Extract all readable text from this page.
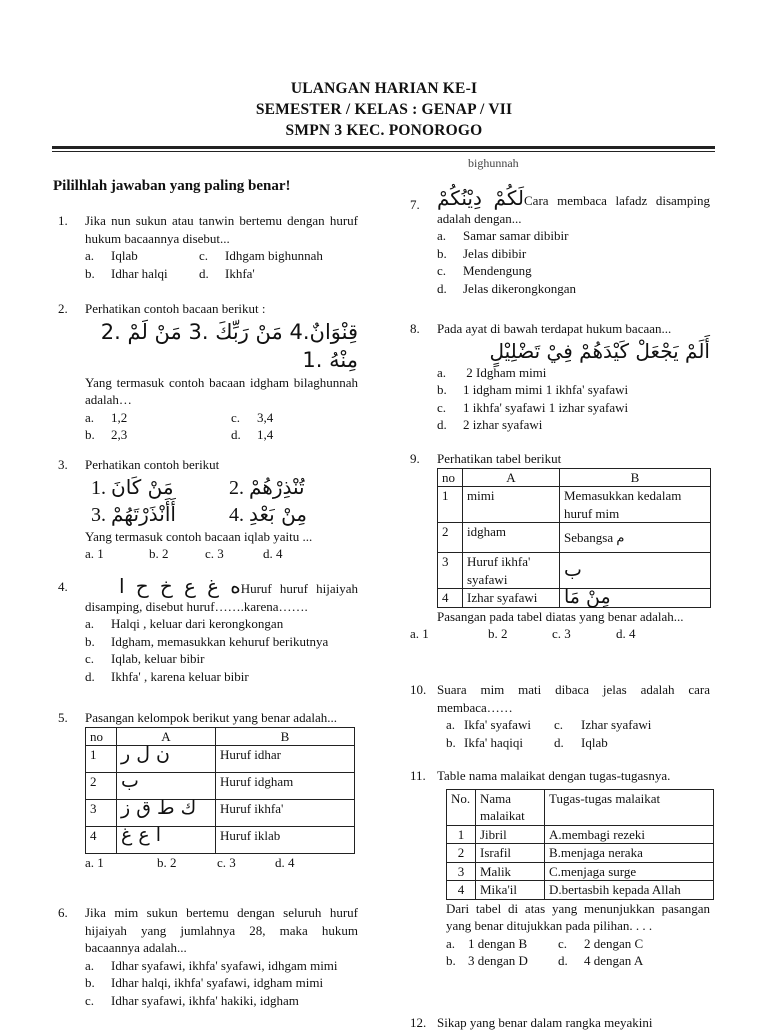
ULANGAN HARIAN KE-I
SEMESTER / KELAS : GENAP / VII
SMPN 3 KEC. PONOROGO
bighunnah
Pililhlah jawaban yang paling benar!
1. Jika nun sukun atau tanwin bertemu dengan huruf hukum bacaannya disebut...
a.	Iqlab	c.	Idhgam bighunnah
b.	Idhar halqi	d.	Ikhfa'
2. Perhatikan contoh bacaan berikut :
قِنْوَانٌ.4 مَنْ رَبِّكَ .3 مَنْ لَمْ .2
مِنْهُ .1
Yang termasuk contoh bacaan idgham bilaghunnah adalah…
a.	1,2	c.	3,4
b.	2,3	d.	1,4
3. Perhatikan contoh berikut
1. مَنْ كَانَ	2. تُنْذِرْهُمْ
3. أَأَنْذَرْتَهُمْ	4. مِنْ بَعْدِ
Yang termasuk contoh bacaan iqlab yaitu ...
a. 1	b. 2	c. 3	d. 4
4.	ه غ ع خ ح اHuruf huruf hijaiyah disamping, disebut huruf…….karena…….
a.	Halqi , keluar dari kerongkongan
b.	Idgham, memasukkan kehuruf berikutnya
c.	Iqlab, keluar bibir
d.	Ikhfa' , karena keluar bibir
5. Pasangan kelompok berikut yang benar adalah...
no	A	B
1	ن ل ر	Huruf idhar
2	ب	Huruf idgham
3	ك ط ق ز	Huruf ikhfa'
4	ا ع غ	Huruf iklab
a. 1	b. 2	c. 3	d. 4
6. Jika mim sukun bertemu dengan seluruh huruf hijaiyah yang jumlahnya 28, maka hukum bacaannya adalah...
a.	Idhar syafawi, ikhfa' syafawi, idhgam mimi
b.	Idhar halqi, ikhfa' syafawi, idgham mimi
c.	Idhar syafawi, ikhfa' hakiki, idgham
7. لَكُمْ دِيْنُكُمْCara membaca lafadz disamping adalah dengan...
a.	Samar samar dibibir
b.	Jelas dibibir
c.	Mendengung
d.	Jelas dikerongkongan
8. Pada ayat di bawah terdapat hukum bacaan...
أَلَمْ يَجْعَلْ كَيْدَهُمْ فِيْ تَضْلِيْلٍ
a.	2 Idgham mimi
b.	1 idgham mimi 1 ikhfa' syafawi
c.	1 ikhfa' syafawi 1 izhar syafawi
d.	2 izhar syafawi
9. Perhatikan tabel berikut
no	A	B
1	mimi	Memasukkan kedalam huruf mim
2	idgham	Sebangsa م
3	Huruf ikhfa' syafawi	ب
4	Izhar syafawi	مِنْ مَا
Pasangan pada tabel diatas yang benar adalah...
a. 1	b. 2	c. 3	d. 4
10. Suara mim mati dibaca jelas adalah cara membaca……
a. Ikfa' syafawi	c.	Izhar syafawi
b. Ikfa' haqiqi	d.	Iqlab
11. Table nama malaikat dengan tugas-tugasnya.
No.	Nama malaikat	Tugas-tugas malaikat
1	Jibril	A.membagi rezeki
2	Israfil	B.menjaga neraka
3	Malik	C.menjaga surge
4	Mika'il	D.bertasbih kepada Allah
Dari tabel di atas yang menunjukkan pasangan yang benar ditujukkan pada pilihan. . . .
a. 1 dengan B	c.	2 dengan C
b. 3 dengan D	d.	4 dengan A
12. Sikap yang benar dalam rangka meyakini
